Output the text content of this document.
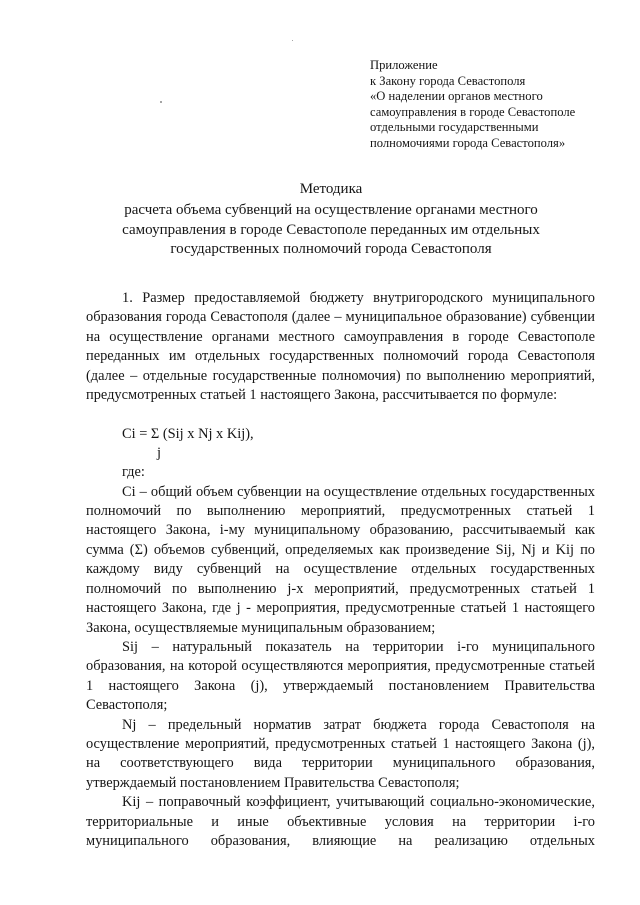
Приложение
к Закону города Севастополя
«О наделении органов местного
самоуправления в городе Севастополе
отдельными государственными
полномочиями города Севастополя»
Методика
расчета объема субвенций на осуществление органами местного
самоуправления в городе Севастополе переданных им отдельных
государственных полномочий города Севастополя

1. Размер предоставляемой бюджету внутригородского муниципального образования города Севастополя (далее – муниципальное образование) субвенции на осуществление органами местного самоуправления в городе Севастополе переданных им отдельных государственных полномочий города Севастополя (далее – отдельные государственные полномочия) по выполнению мероприятий, предусмотренных статьей 1 настоящего Закона, рассчитывается по формуле:

Ci = Σ (Sij x Nj x Kij),
j
где:

Ci – общий объем субвенции на осуществление отдельных государственных полномочий по выполнению мероприятий, предусмотренных статьей 1 настоящего Закона, i-му муниципальному образованию, рассчитываемый как сумма (Σ) объемов субвенций, определяемых как произведение Sij, Nj и Kij по каждому виду субвенций на осуществление отдельных государственных полномочий по выполнению j-х мероприятий, предусмотренных статьей 1 настоящего Закона, где j - мероприятия, предусмотренные статьей 1 настоящего Закона, осуществляемые муниципальным образованием;

Sij – натуральный показатель на территории i-го муниципального образования, на которой осуществляются мероприятия, предусмотренные статьей 1 настоящего Закона (j), утверждаемый постановлением Правительства Севастополя;

Nj – предельный норматив затрат бюджета города Севастополя на осуществление мероприятий, предусмотренных статьей 1 настоящего Закона (j), на соответствующего вида территории муниципального образования, утверждаемый постановлением Правительства Севастополя;

Kij – поправочный коэффициент, учитывающий социально-экономические, территориальные и иные объективные условия на территории i-го муниципального образования, влияющие на реализацию отдельных
